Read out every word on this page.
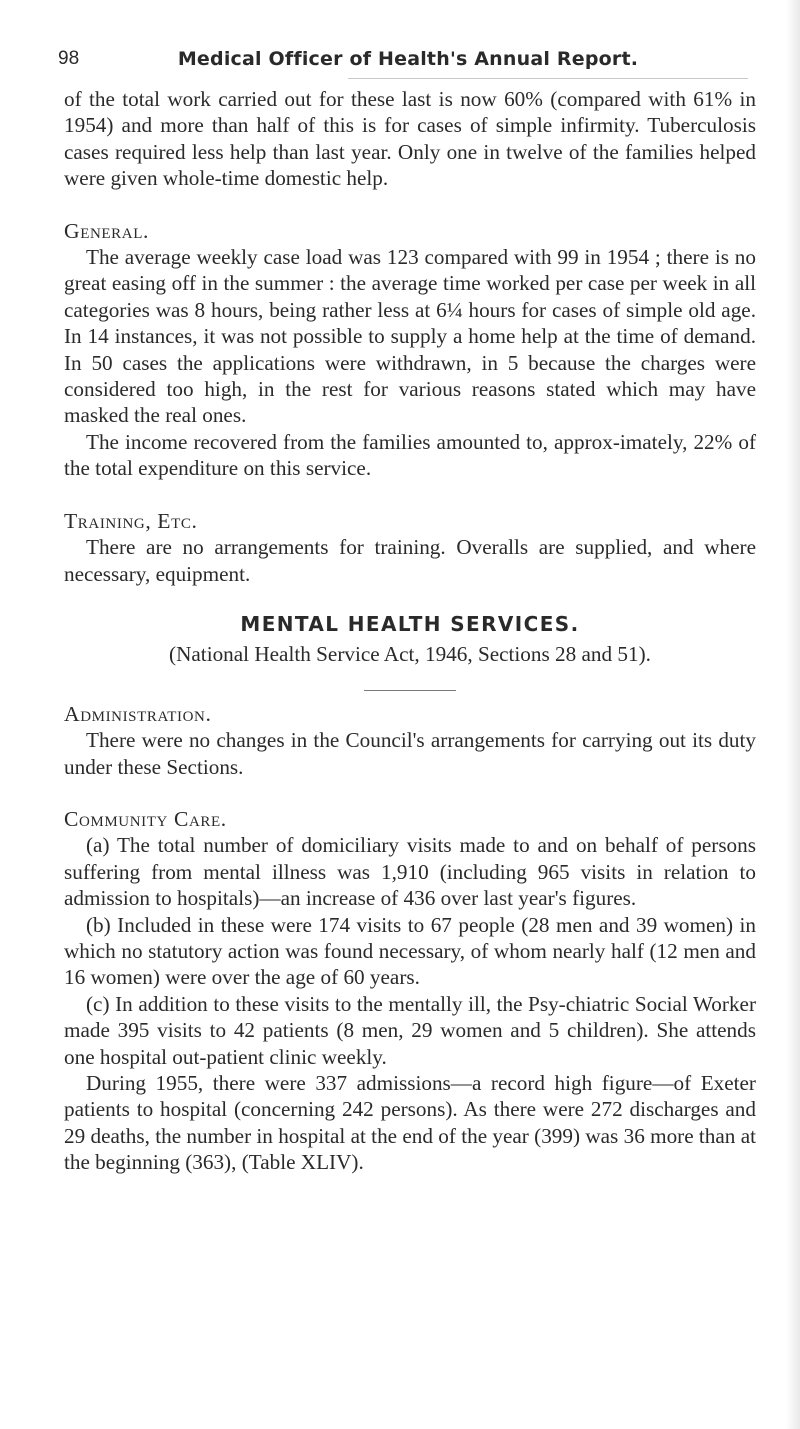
98	Medical Officer of Health's Annual Report.

of the total work carried out for these last is now 60% (compared with 61% in 1954) and more than half of this is for cases of simple infirmity. Tuberculosis cases required less help than last year. Only one in twelve of the families helped were given whole-time domestic help.

General.

The average weekly case load was 123 compared with 99 in 1954 ; there is no great easing off in the summer : the average time worked per case per week in all categories was 8 hours, being rather less at 6¼ hours for cases of simple old age. In 14 instances, it was not possible to supply a home help at the time of demand. In 50 cases the applications were withdrawn, in 5 because the charges were considered too high, in the rest for various reasons stated which may have masked the real ones.

The income recovered from the families amounted to, approx-imately, 22% of the total expenditure on this service.

Training, Etc.

There are no arrangements for training. Overalls are supplied, and where necessary, equipment.

MENTAL HEALTH SERVICES.
(National Health Service Act, 1946, Sections 28 and 51).
Administration.

There were no changes in the Council's arrangements for carrying out its duty under these Sections.

Community Care.

(a) The total number of domiciliary visits made to and on behalf of persons suffering from mental illness was 1,910 (including 965 visits in relation to admission to hospitals)—an increase of 436 over last year's figures.

(b) Included in these were 174 visits to 67 people (28 men and 39 women) in which no statutory action was found necessary, of whom nearly half (12 men and 16 women) were over the age of 60 years.

(c) In addition to these visits to the mentally ill, the Psy-chiatric Social Worker made 395 visits to 42 patients (8 men, 29 women and 5 children). She attends one hospital out-patient clinic weekly.

During 1955, there were 337 admissions—a record high figure—of Exeter patients to hospital (concerning 242 persons). As there were 272 discharges and 29 deaths, the number in hospital at the end of the year (399) was 36 more than at the beginning (363), (Table XLIV).
